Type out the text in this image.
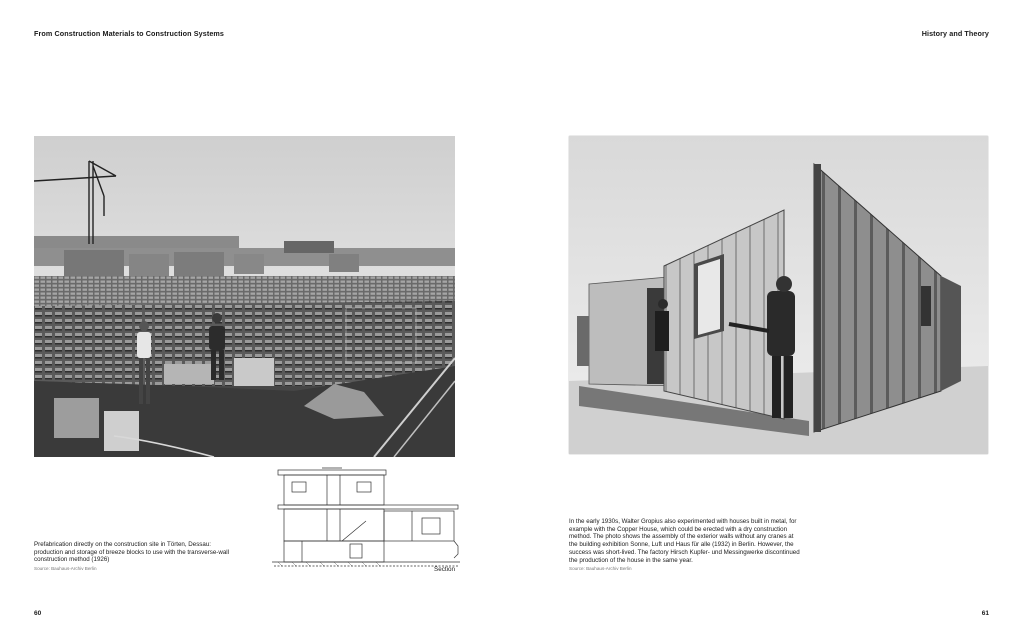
From Construction Materials to Construction Systems	History and Theory
Prefabrication directly on the construction site in Törten, Dessau: production and storage of breeze blocks to use with the transverse-wall construction method (1926)
Source: Bauhaus-Archiv Berlin	Section
In the early 1930s, Walter Gropius also experimented with houses built in metal, for example with the Copper House, which could be erected with a dry construction method. The photo shows the assembly of the exterior walls without any cranes at the building exhibition Sonne, Luft und Haus für alle (1932) in Berlin. However, the success was short-lived. The factory Hirsch Kupfer- und Messingwerke discontinued the production of the house in the same year.
Source: Bauhaus-Archiv Berlin
60	61
